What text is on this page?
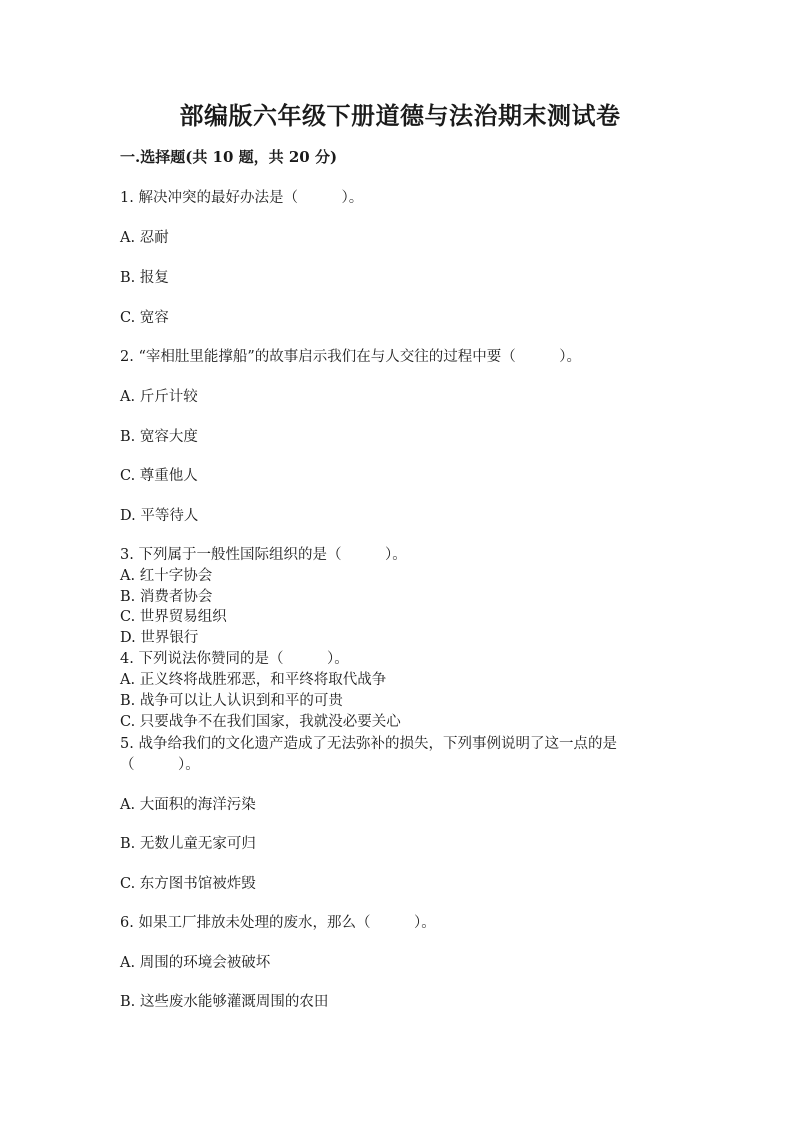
部编版六年级下册道德与法治期末测试卷
一.选择题(共 10 题，共 20 分)
1. 解决冲突的最好办法是（　　　）。
A. 忍耐
B. 报复
C. 宽容
2. “宰相肚里能撑船”的故事启示我们在与人交往的过程中要（　　　）。
A. 斤斤计较
B. 宽容大度
C. 尊重他人
D. 平等待人
3. 下列属于一般性国际组织的是（　　　）。
A. 红十字协会
B. 消费者协会
C. 世界贸易组织
D. 世界银行
4. 下列说法你赞同的是（　　　）。
A. 正义终将战胜邪恶，和平终将取代战争
B. 战争可以让人认识到和平的可贵
C. 只要战争不在我们国家，我就没必要关心
5. 战争给我们的文化遗产造成了无法弥补的损失，下列事例说明了这一点的是
（　　　）。
A. 大面积的海洋污染
B. 无数儿童无家可归
C. 东方图书馆被炸毁
6. 如果工厂排放未处理的废水，那么（　　　）。
A. 周围的环境会被破坏
B. 这些废水能够灌溉周围的农田
